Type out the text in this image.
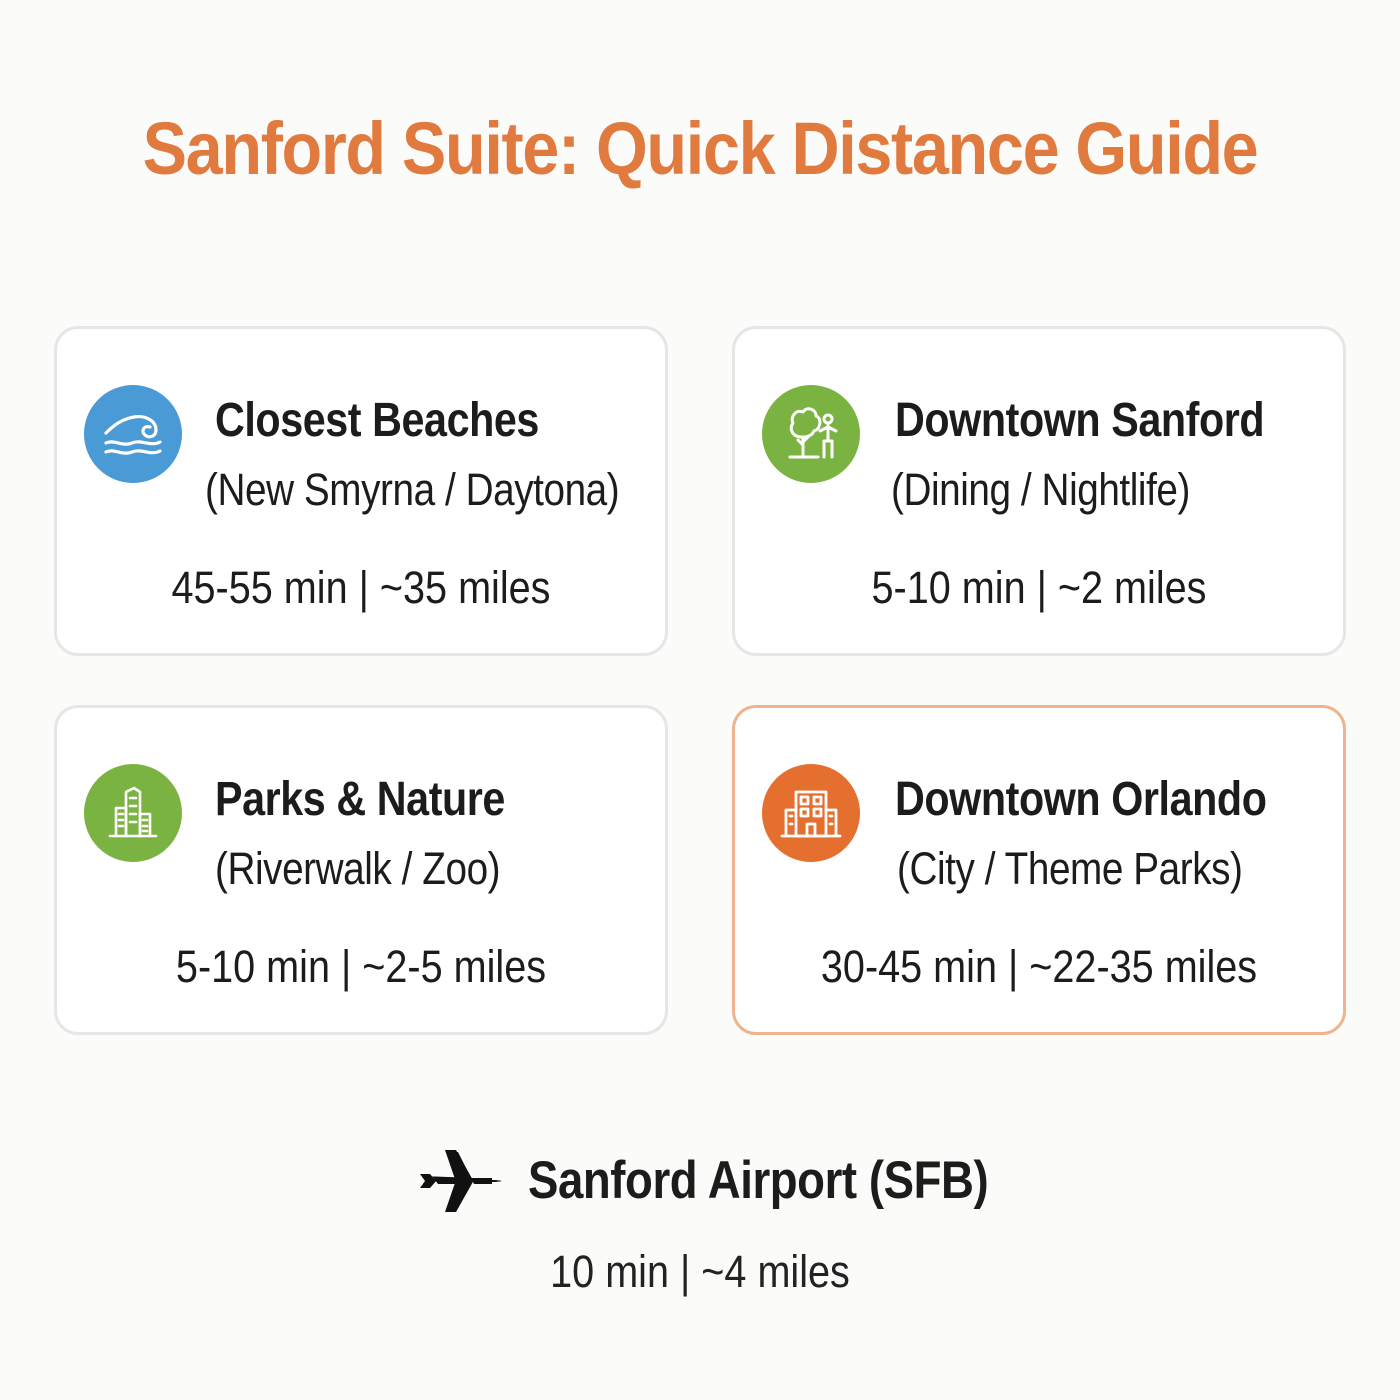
Sanford Suite: Quick Distance Guide
Closest Beaches
(New Smyrna / Daytona)
45-55 min | ~35 miles
Downtown Sanford
(Dining / Nightlife)
5-10 min | ~2 miles
Parks & Nature
(Riverwalk / Zoo)
5-10 min | ~2-5 miles
Downtown Orlando
(City / Theme Parks)
30-45 min | ~22-35 miles
Sanford Airport (SFB)
10 min | ~4 miles
